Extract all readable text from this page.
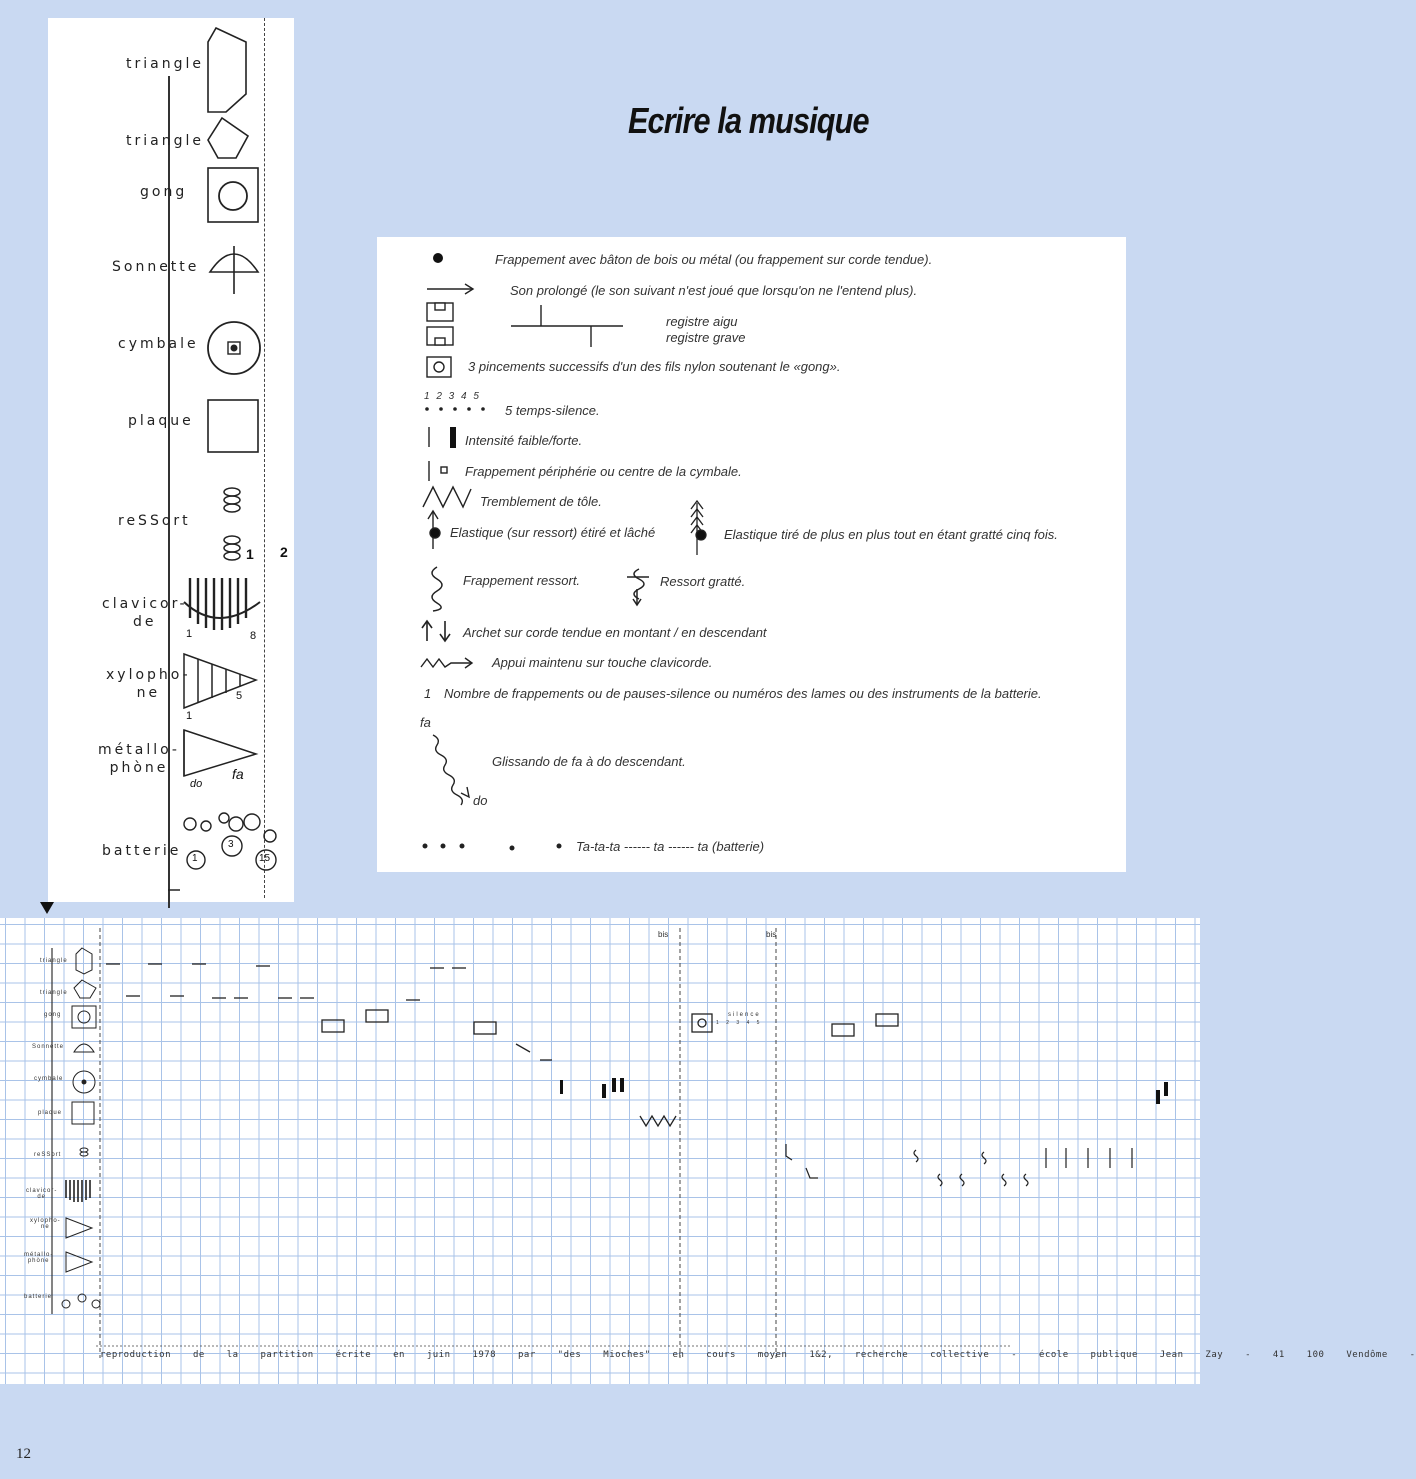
triangle
triangle
gong
Sonnette
cymbale
plaque
reSSort
clavicor-
de
xylopho-
ne
métallo-
phòne
batterie
1 2
1	8
1
5
do
fa
1
3
15
Ecrire la musique
Frappement avec bâton de bois ou métal (ou frappement sur corde tendue).
Son prolongé (le son suivant n'est joué que lorsqu'on ne l'entend plus).
registre aigu
registre grave
3 pincements successifs d'un des fils nylon soutenant le «gong».
1 2 3 4 5
5 temps-silence.
Intensité faible/forte.
Frappement périphérie ou centre de la cymbale.
Tremblement de tôle.
Elastique (sur ressort) étiré et lâché	Elastique tiré de plus en plus tout en étant gratté cinq fois.
Frappement ressort.	Ressort gratté.
Archet sur corde tendue en montant / en descendant
Appui maintenu sur touche clavicorde.
1 Nombre de frappements ou de pauses-silence ou numéros des lames ou des instruments de la batterie.
fa
do
Glissando de fa à do descendant.
Ta-ta-ta ------ ta ------ ta (batterie)
triangle
triangle
gong
Sonnette
cymbale
plaque
reSSort
clavicor-
de
xylopho-
ne
métallo-
phòne
batterie
bis	bis
silence
1 2 3 4 5
reproduction de la partition écrite en juin 1978 par "des Mioches" en cours moyen 1&2, recherche collective - école publique Jean Zay - 41 100 Vendôme -
12
